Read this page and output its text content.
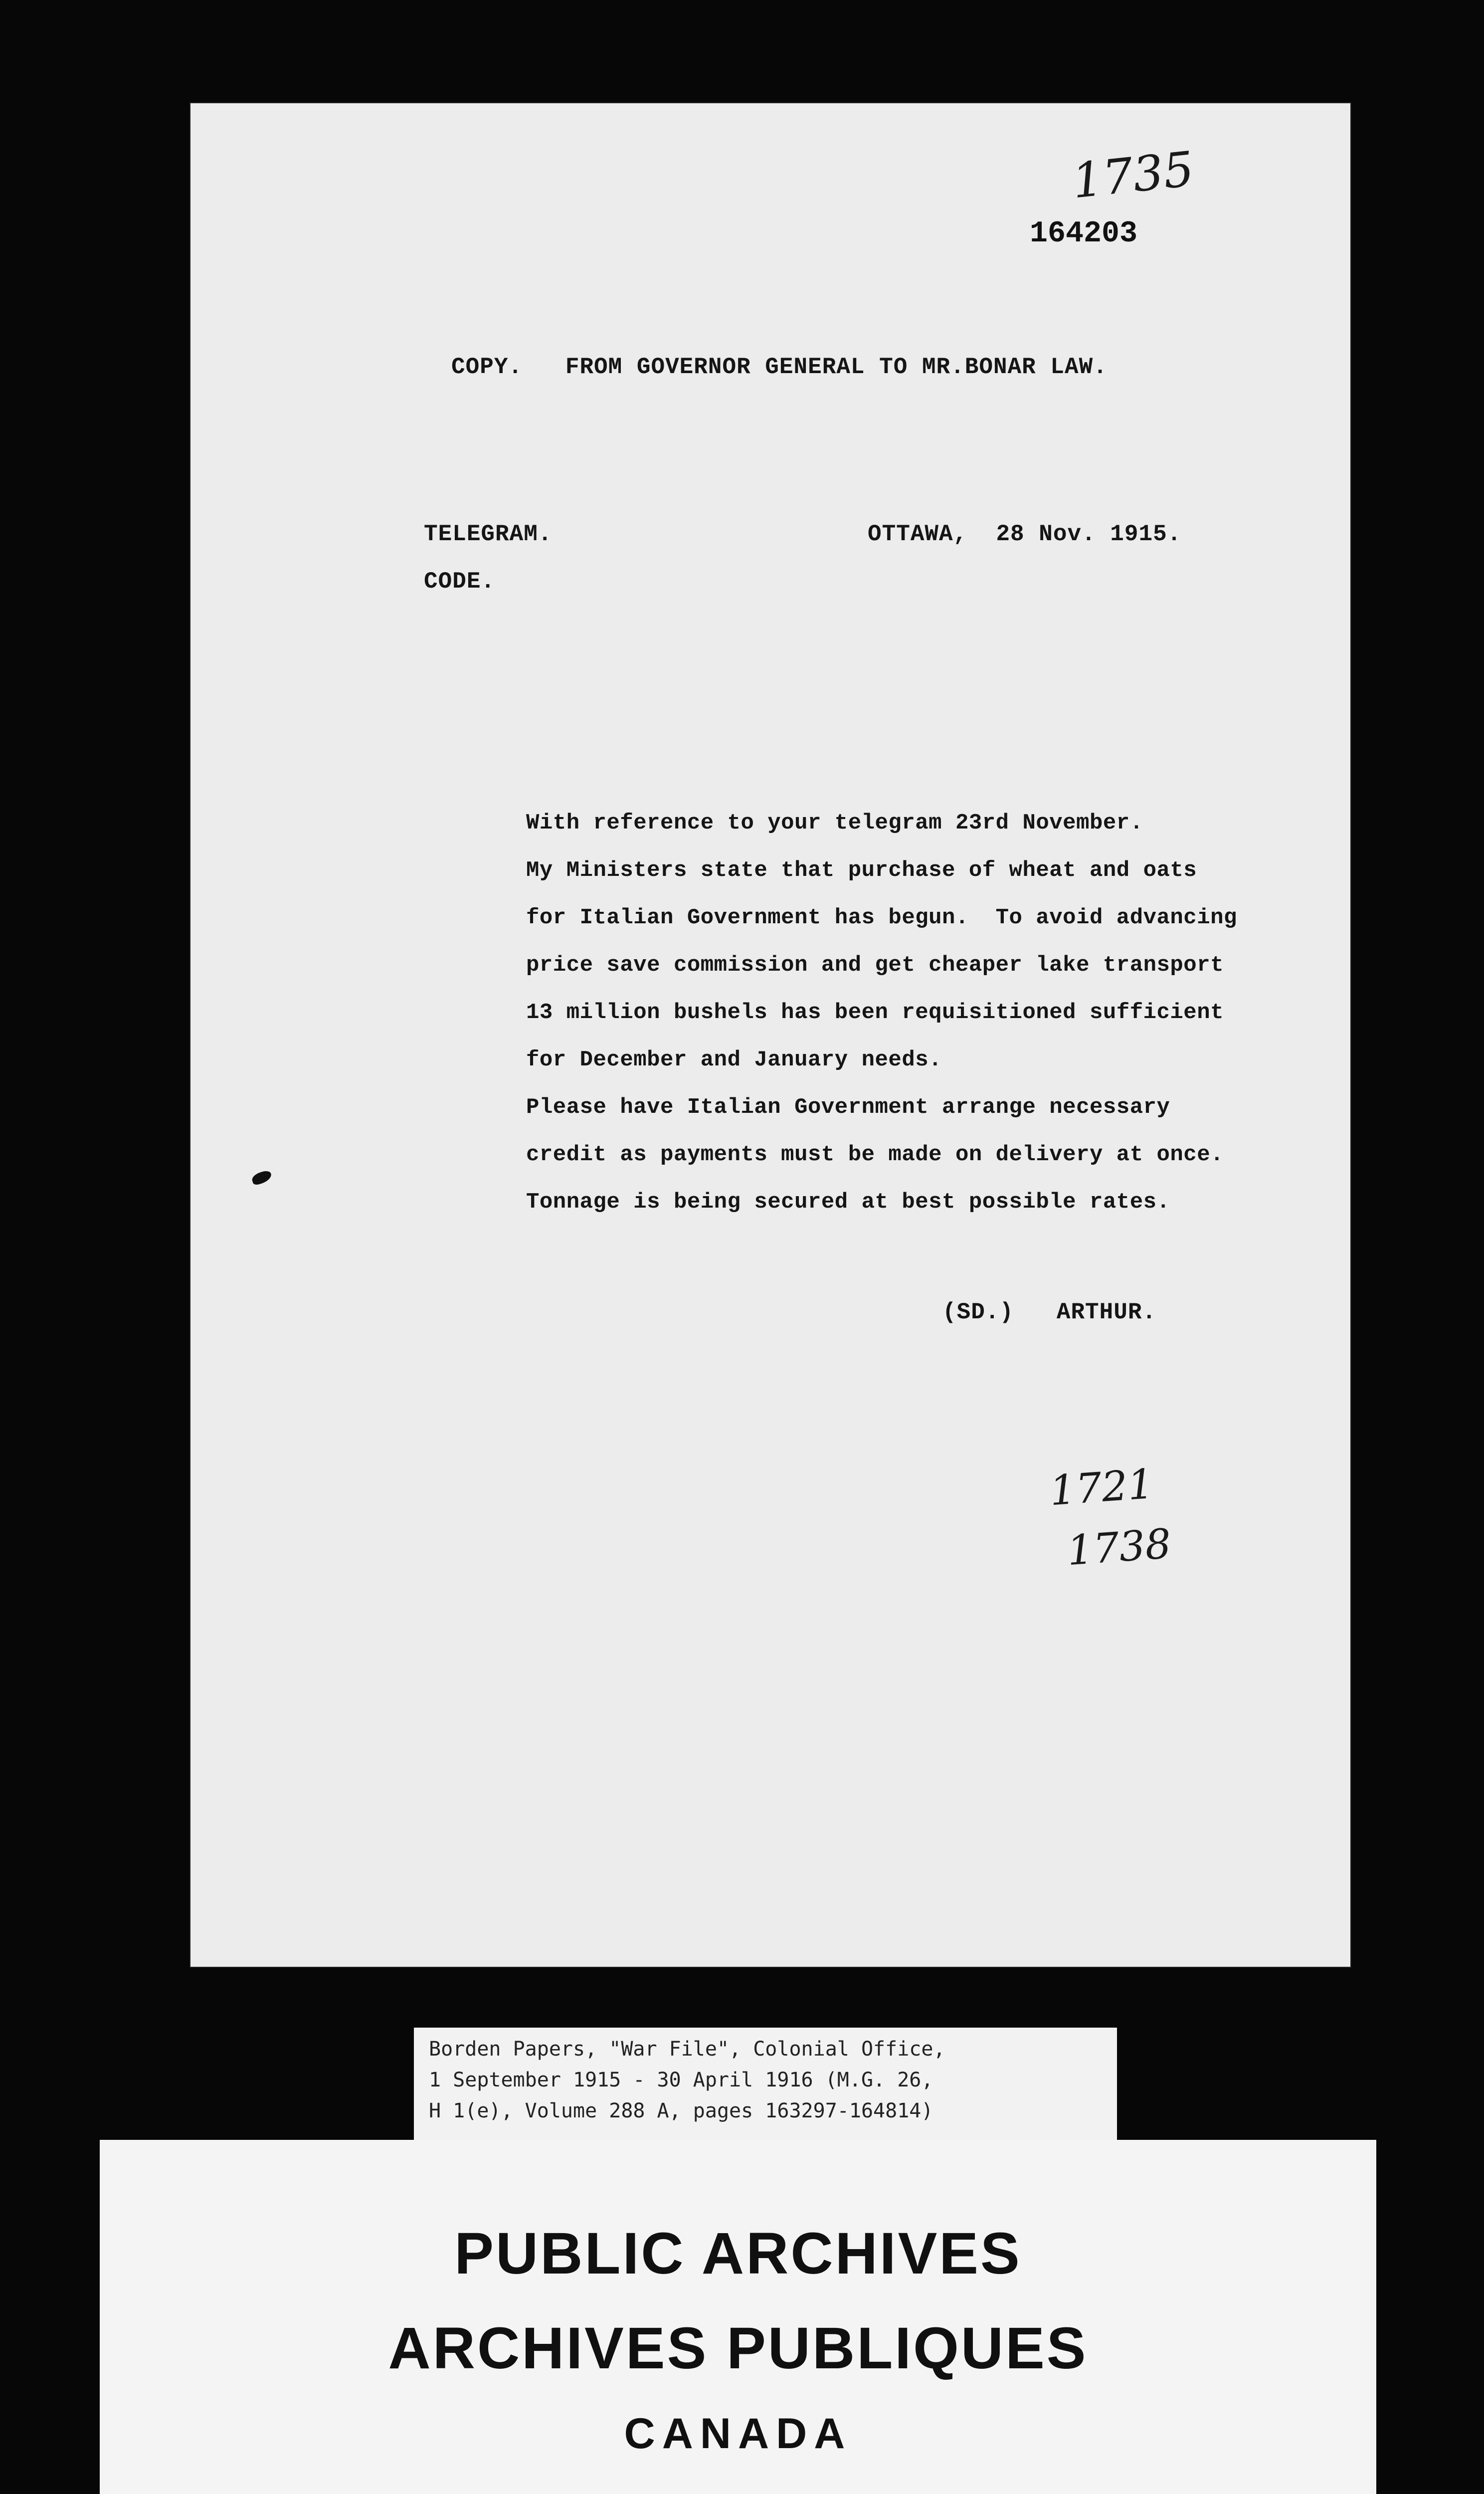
1735
164203
COPY.   FROM GOVERNOR GENERAL TO MR.BONAR LAW.
TELEGRAM.	OTTAWA,  28 Nov. 1915.
CODE.
With reference to your telegram 23rd November.
My Ministers state that purchase of wheat and oats
for Italian Government has begun.  To avoid advancing
price save commission and get cheaper lake transport
13 million bushels has been requisitioned sufficient
for December and January needs.
Please have Italian Government arrange necessary
credit as payments must be made on delivery at once.
Tonnage is being secured at best possible rates.
(SD.)   ARTHUR.
1721
1738
Borden Papers, "War File", Colonial Office,
1 September 1915 - 30 April 1916 (M.G. 26,
H 1(e), Volume 288 A, pages 163297-164814)
PUBLIC ARCHIVES
ARCHIVES PUBLIQUES
CANADA
